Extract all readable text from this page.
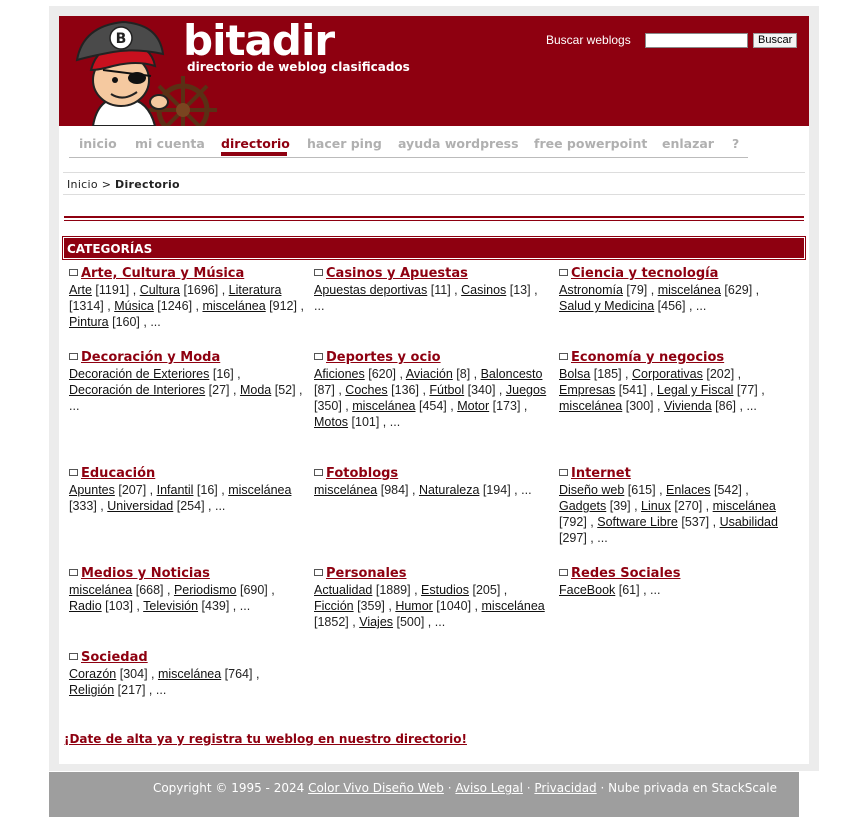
B bitadir
directorio de weblog clasificados
Buscar weblogs	Buscar
inicio mi cuenta directorio hacer ping ayuda wordpress free powerpoint enlazar ?
Inicio > Directorio
CATEGORÍAS
¡Date de alta ya y registra tu weblog en nuestro directorio!
Arte, Cultura y Música
Arte [1191] , Cultura [1696] , Literatura [1314] , Música [1246] , miscelánea [912] , Pintura [160] , ...
Casinos y Apuestas
Apuestas deportivas [11] , Casinos [13] , ...
Ciencia y tecnología
Astronomía [79] , miscelánea [629] , Salud y Medicina [456] , ...
Decoración y Moda
Decoración de Exteriores [16] , Decoración de Interiores [27] , Moda [52] , ...
Deportes y ocio
Aficiones [620] , Aviación [8] , Baloncesto [87] , Coches [136] , Fútbol [340] , Juegos [350] , miscelánea [454] , Motor [173] , Motos [101] , ...
Economía y negocios
Bolsa [185] , Corporativas [202] , Empresas [541] , Legal y Fiscal [77] , miscelánea [300] , Vivienda [86] , ...
Educación
Apuntes [207] , Infantil [16] , miscelánea [333] , Universidad [254] , ...
Fotoblogs
miscelánea [984] , Naturaleza [194] , ...
Internet
Diseño web [615] , Enlaces [542] , Gadgets [39] , Linux [270] , miscelánea [792] , Software Libre [537] , Usabilidad [297] , ...
Medios y Noticias
miscelánea [668] , Periodismo [690] , Radio [103] , Televisión [439] , ...
Personales
Actualidad [1889] , Estudios [205] , Ficción [359] , Humor [1040] , miscelánea [1852] , Viajes [500] , ...
Redes Sociales
FaceBook [61] , ...
Sociedad
Corazón [304] , miscelánea [764] , Religión [217] , ...
Copyright © 1995 - 2024 Color Vivo Diseño Web · Aviso Legal · Privacidad · Nube privada en StackScale
